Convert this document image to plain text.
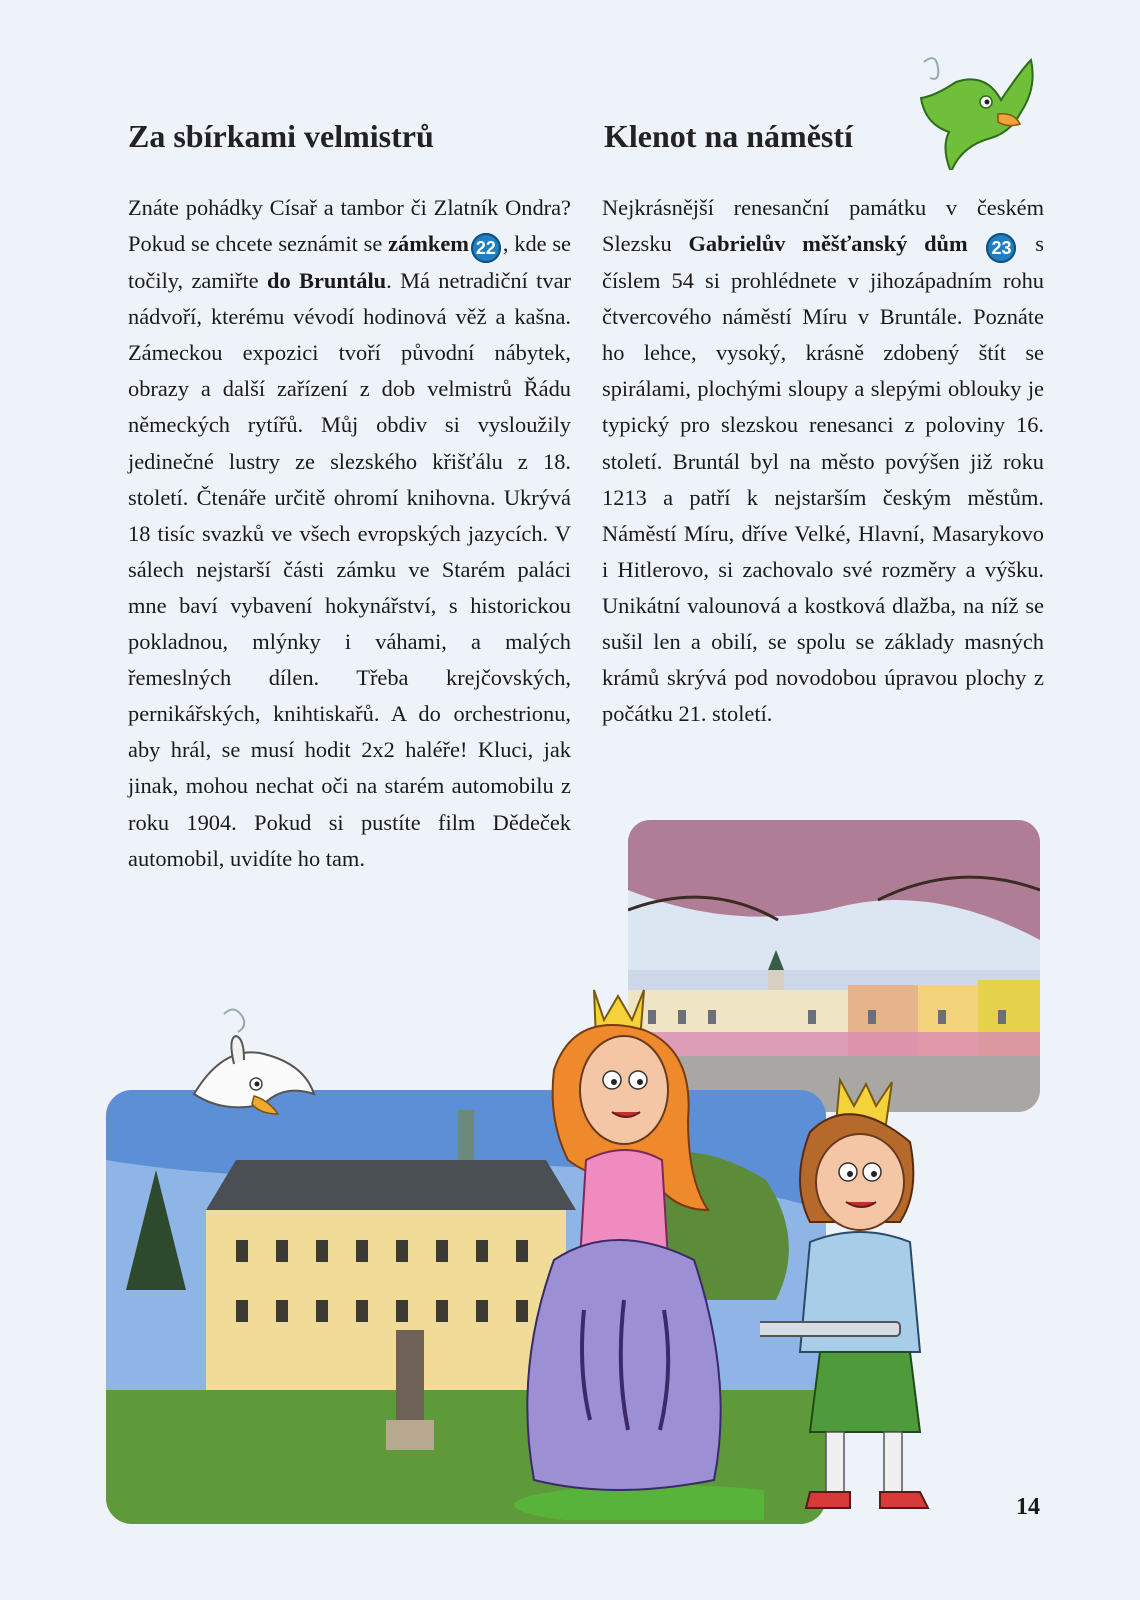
Za sbírkami velmistrů

Znáte pohádky Císař a tambor či Zlatník Ondra? Pokud se chcete seznámit se zámkem 22 , kde se točily, zamiřte do Bruntálu. Má netradiční tvar nádvoří, kterému vévodí hodinová věž a kašna. Zámeckou expozici tvoří původní nábytek, obrazy a další zařízení z dob velmistrů Řádu německých rytířů. Můj obdiv si vysloužily jedinečné lustry ze slezského křišťálu z 18. století. Čtenáře určitě ohromí knihovna. Ukrývá 18 tisíc svazků ve všech evropských jazycích. V sálech nejstarší části zámku ve Starém paláci mne baví vybavení hokynářství, s historickou pokladnou, mlýnky i váhami, a malých řemeslných dílen. Třeba krejčovských, pernikářských, knihtiskařů. A do orchestrionu, aby hrál, se musí hodit 2x2 haléře! Kluci, jak jinak, mohou nechat oči na starém automobilu z roku 1904. Pokud si pustíte film Dědeček automobil, uvidíte ho tam.

Klenot na náměstí

Nejkrásnější renesanční památku v českém Slezsku Gabrielův měšťanský dům 23 s číslem 54 si prohlédnete v jihozápadním rohu čtvercového náměstí Míru v Bruntále. Poznáte ho lehce, vysoký, krásně zdobený štít se spirálami, plochými sloupy a slepými oblouky je typický pro slezskou renesanci z poloviny 16. století. Bruntál byl na město povýšen již roku 1213 a patří k nejstarším českým městům. Náměstí Míru, dříve Velké, Hlavní, Masarykovo i Hitlerovo, si zachovalo své rozměry a výšku. Unikátní valounová a kostková dlažba, na níž se sušil len a obilí, se spolu se základy masných krámů skrývá pod novodobou úpravou plochy z počátku 21. století.

14
